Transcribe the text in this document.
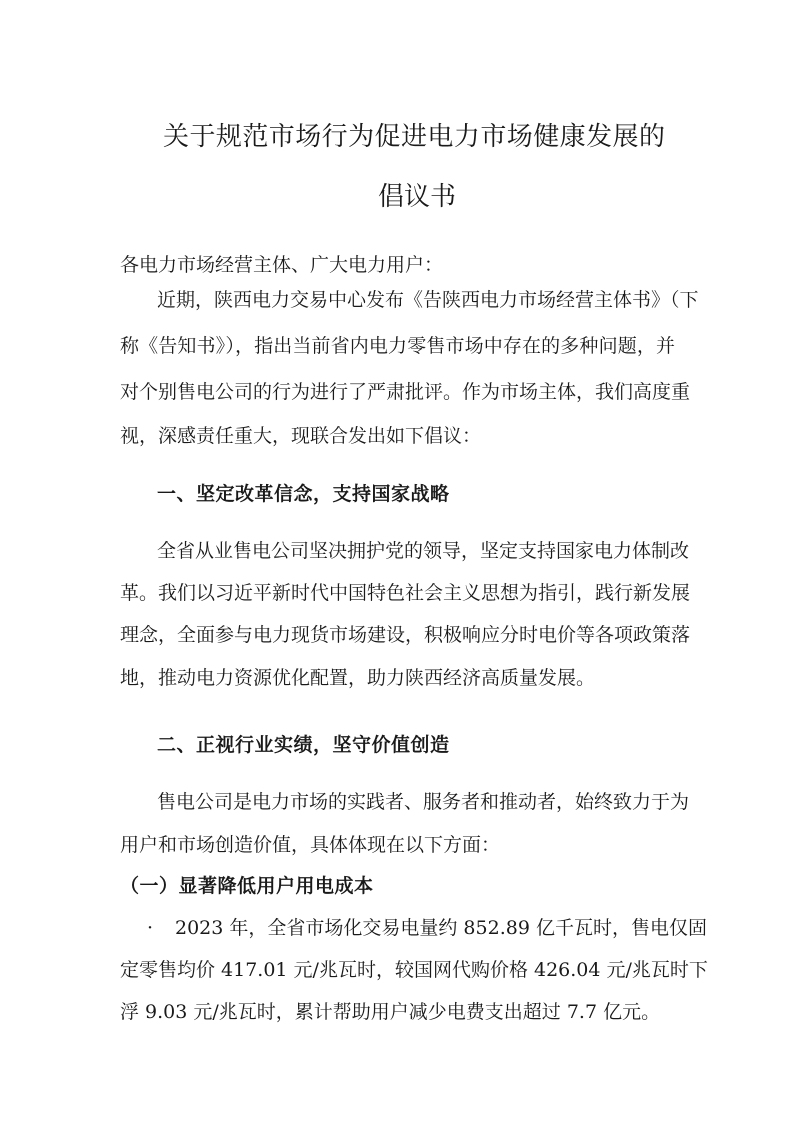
关于规范市场行为促进电力市场健康发展的
倡议书
各电力市场经营主体、广大电力用户：
近期，陕西电力交易中心发布《告陕西电力市场经营主体书》（下
称《告知书》），指出当前省内电力零售市场中存在的多种问题，并
对个别售电公司的行为进行了严肃批评。作为市场主体，我们高度重
视，深感责任重大，现联合发出如下倡议：
一、坚定改革信念，支持国家战略
全省从业售电公司坚决拥护党的领导，坚定支持国家电力体制改
革。我们以习近平新时代中国特色社会主义思想为指引，践行新发展
理念，全面参与电力现货市场建设，积极响应分时电价等各项政策落
地，推动电力资源优化配置，助力陕西经济高质量发展。
二、正视行业实绩，坚守价值创造
售电公司是电力市场的实践者、服务者和推动者，始终致力于为
用户和市场创造价值，具体体现在以下方面：
（一）显著降低用户用电成本
· 2023 年，全省市场化交易电量约 852.89 亿千瓦时，售电仅固
定零售均价 417.01 元/兆瓦时，较国网代购价格 426.04 元/兆瓦时下
浮 9.03 元/兆瓦时，累计帮助用户减少电费支出超过 7.7 亿元。
